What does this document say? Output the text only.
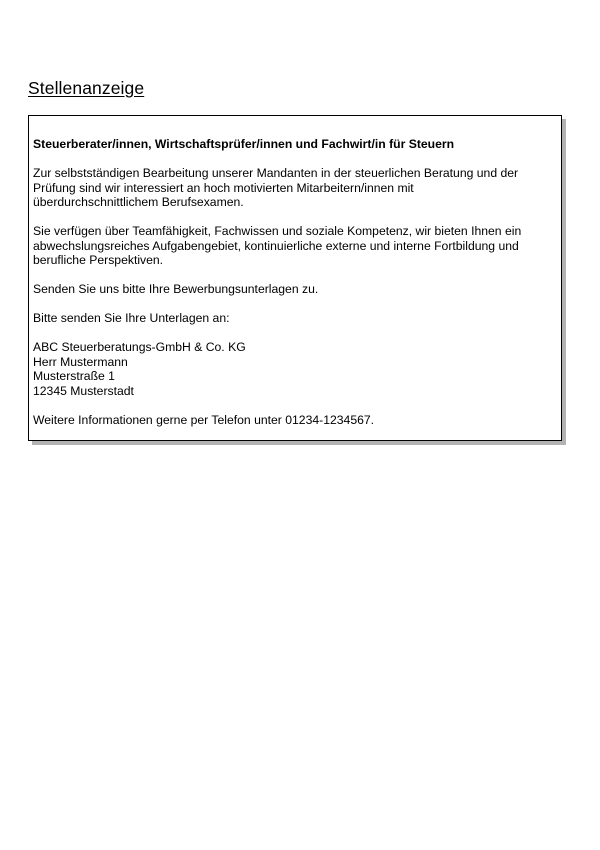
Stellenanzeige
Steuerberater/innen, Wirtschaftsprüfer/innen und Fachwirt/in für Steuern
Zur selbstständigen Bearbeitung unserer Mandanten in der steuerlichen Beratung und der
Prüfung sind wir interessiert an hoch motivierten Mitarbeitern/innen mit
überdurchschnittlichem Berufsexamen.
Sie verfügen über Teamfähigkeit, Fachwissen und soziale Kompetenz, wir bieten Ihnen ein
abwechslungsreiches Aufgabengebiet, kontinuierliche externe und interne Fortbildung und
berufliche Perspektiven.
Senden Sie uns bitte Ihre Bewerbungsunterlagen zu.
Bitte senden Sie Ihre Unterlagen an:
ABC Steuerberatungs-GmbH & Co. KG
Herr Mustermann
Musterstraße 1
12345 Musterstadt
Weitere Informationen gerne per Telefon unter 01234-1234567.
